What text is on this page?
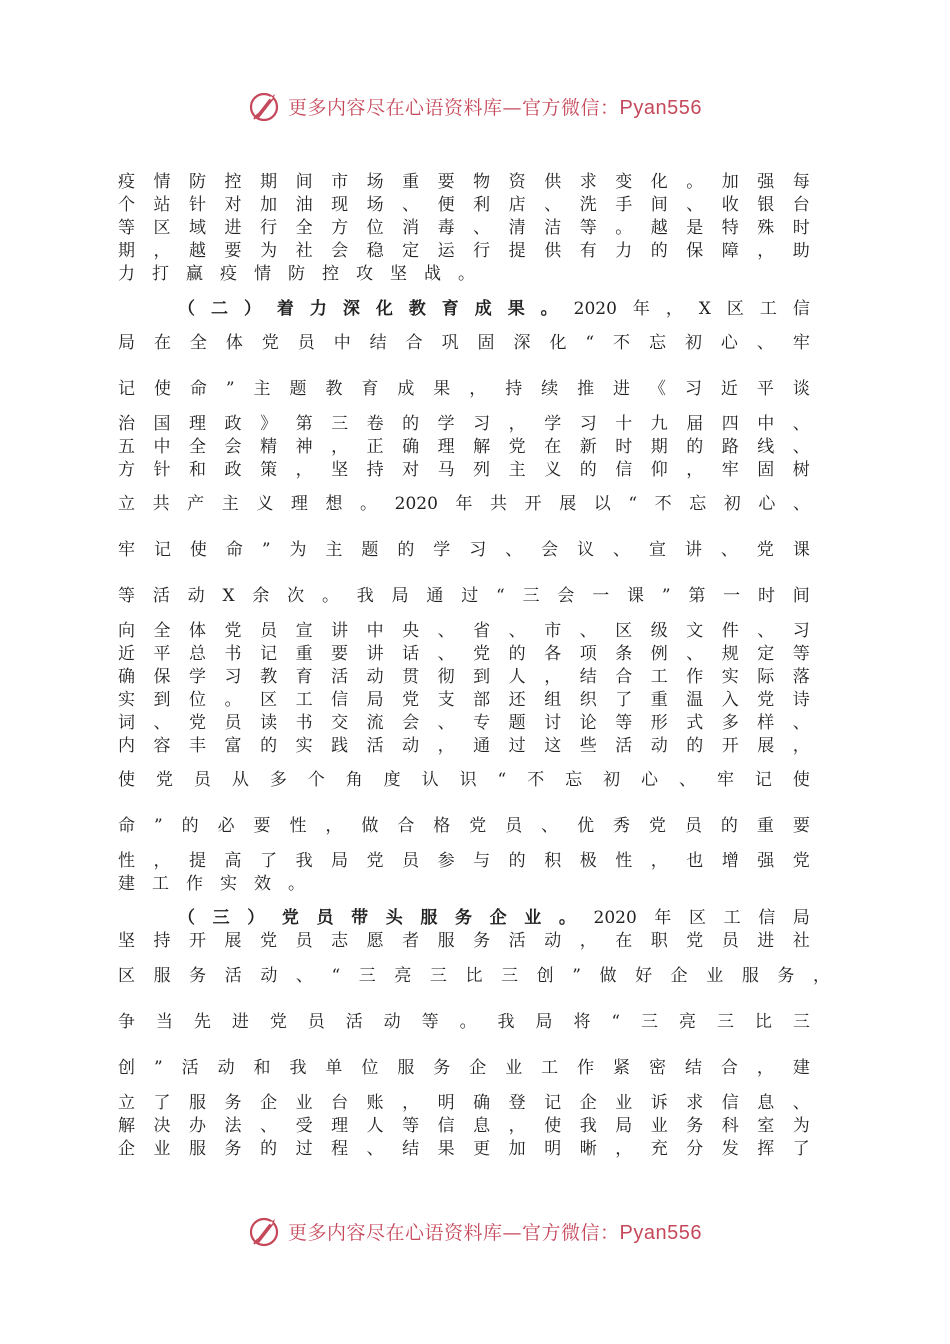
更多内容尽在心语资料库—官方微信：Pyan556
疫 情 防 控 期 间 市 场 重 要 物 资 供 求 变 化 。 加 强 每
个 站 针 对 加 油 现 场 、 便 利 店 、 洗 手 间 、 收 银 台
等 区 域 进 行 全 方 位 消 毒 、 清 洁 等 。 越 是 特 殊 时
期 ， 越 要 为 社 会 稳 定 运 行 提 供 有 力 的 保 障 ， 助
力 打 赢 疫 情 防 控 攻 坚 战 。
（ 二 ） 着 力 深 化 教 育 成 果 。 2020 年 ， X 区 工 信
局 在 全 体 党 员 中 结 合 巩 固 深 化 “ 不 忘 初 心 、 牢
记 使 命 ” 主 题 教 育 成 果 ， 持 续 推 进 《 习 近 平 谈
治 国 理 政 》 第 三 卷 的 学 习 ， 学 习 十 九 届 四 中 、
五 中 全 会 精 神 ， 正 确 理 解 党 在 新 时 期 的 路 线 、
方 针 和 政 策 ， 坚 持 对 马 列 主 义 的 信 仰 ， 牢 固 树
立 共 产 主 义 理 想 。 2020 年 共 开 展 以 “ 不 忘 初 心 、
牢 记 使 命 ” 为 主 题 的 学 习 、 会 议 、 宣 讲 、 党 课
等 活 动 X 余 次 。 我 局 通 过 “ 三 会 一 课 ” 第 一 时 间
向 全 体 党 员 宣 讲 中 央 、 省 、 市 、 区 级 文 件 、 习
近 平 总 书 记 重 要 讲 话 、 党 的 各 项 条 例 、 规 定 等
确 保 学 习 教 育 活 动 贯 彻 到 人 ， 结 合 工 作 实 际 落
实 到 位 。 区 工 信 局 党 支 部 还 组 织 了 重 温 入 党 诗
词 、 党 员 读 书 交 流 会 、 专 题 讨 论 等 形 式 多 样 、
内 容 丰 富 的 实 践 活 动 ， 通 过 这 些 活 动 的 开 展 ，
使 党 员 从 多 个 角 度 认 识 “ 不 忘 初 心 、 牢 记 使
命 ” 的 必 要 性 ， 做 合 格 党 员 、 优 秀 党 员 的 重 要
性 ， 提 高 了 我 局 党 员 参 与 的 积 极 性 ， 也 增 强 党
建 工 作 实 效 。
（ 三 ） 党 员 带 头 服 务 企 业 。 2020 年 区 工 信 局
坚 持 开 展 党 员 志 愿 者 服 务 活 动 ， 在 职 党 员 进 社
区 服 务 活 动 、 “ 三 亮 三 比 三 创 ” 做 好 企 业 服 务 ，
争 当 先 进 党 员 活 动 等 。 我 局 将 “ 三 亮 三 比 三
创 ” 活 动 和 我 单 位 服 务 企 业 工 作 紧 密 结 合 ， 建
立 了 服 务 企 业 台 账 ， 明 确 登 记 企 业 诉 求 信 息 、
解 决 办 法 、 受 理 人 等 信 息 ， 使 我 局 业 务 科 室 为
企 业 服 务 的 过 程 、 结 果 更 加 明 晰 ， 充 分 发 挥 了
更多内容尽在心语资料库—官方微信：Pyan556
